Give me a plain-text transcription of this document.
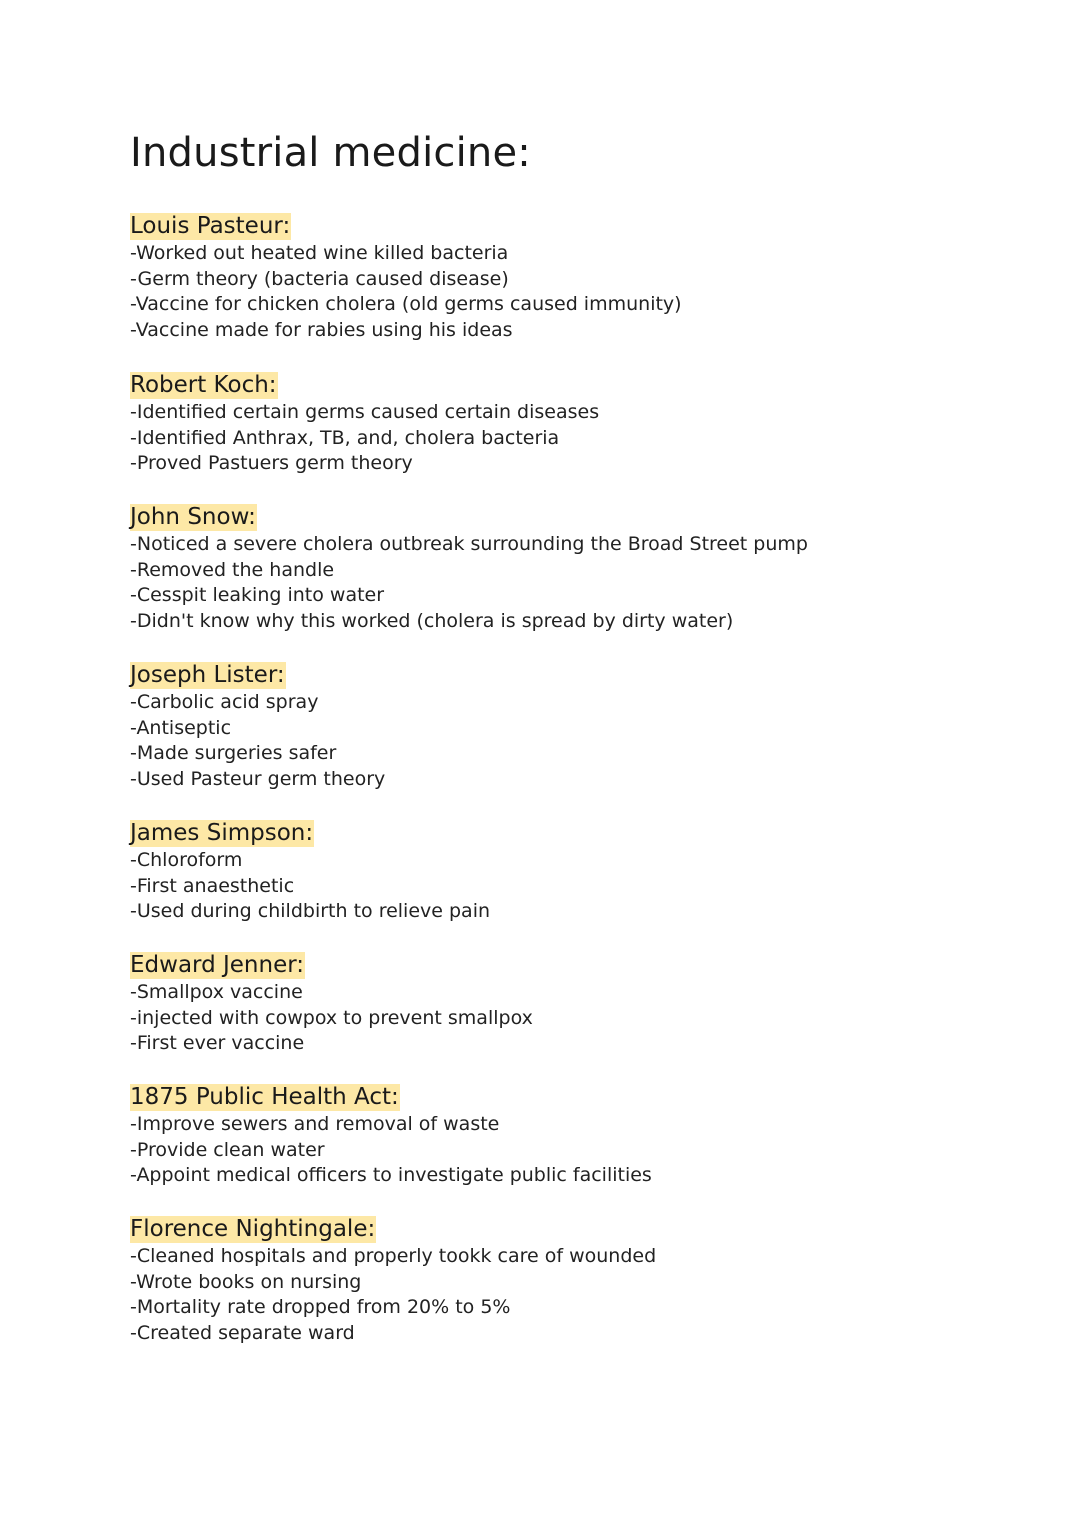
Industrial medicine:
Louis Pasteur:
-Worked out heated wine killed bacteria
-Germ theory (bacteria caused disease)
-Vaccine for chicken cholera (old germs caused immunity)
-Vaccine made for rabies using his ideas
Robert Koch:
-Identified certain germs caused certain diseases
-Identified Anthrax, TB, and, cholera bacteria
-Proved Pastuers germ theory
John Snow:
-Noticed a severe cholera outbreak surrounding the Broad Street pump
-Removed the handle
-Cesspit leaking into water
-Didn't know why this worked (cholera is spread by dirty water)
Joseph Lister:
-Carbolic acid spray
-Antiseptic
-Made surgeries safer
-Used Pasteur germ theory
James Simpson:
-Chloroform
-First anaesthetic
-Used during childbirth to relieve pain
Edward Jenner:
-Smallpox vaccine
-injected with cowpox to prevent smallpox
-First ever vaccine
1875 Public Health Act:
-Improve sewers and removal of waste
-Provide clean water
-Appoint medical officers to investigate public facilities
Florence Nightingale:
-Cleaned hospitals and properly tookk care of wounded
-Wrote books on nursing
-Mortality rate dropped from 20% to 5%
-Created separate ward
